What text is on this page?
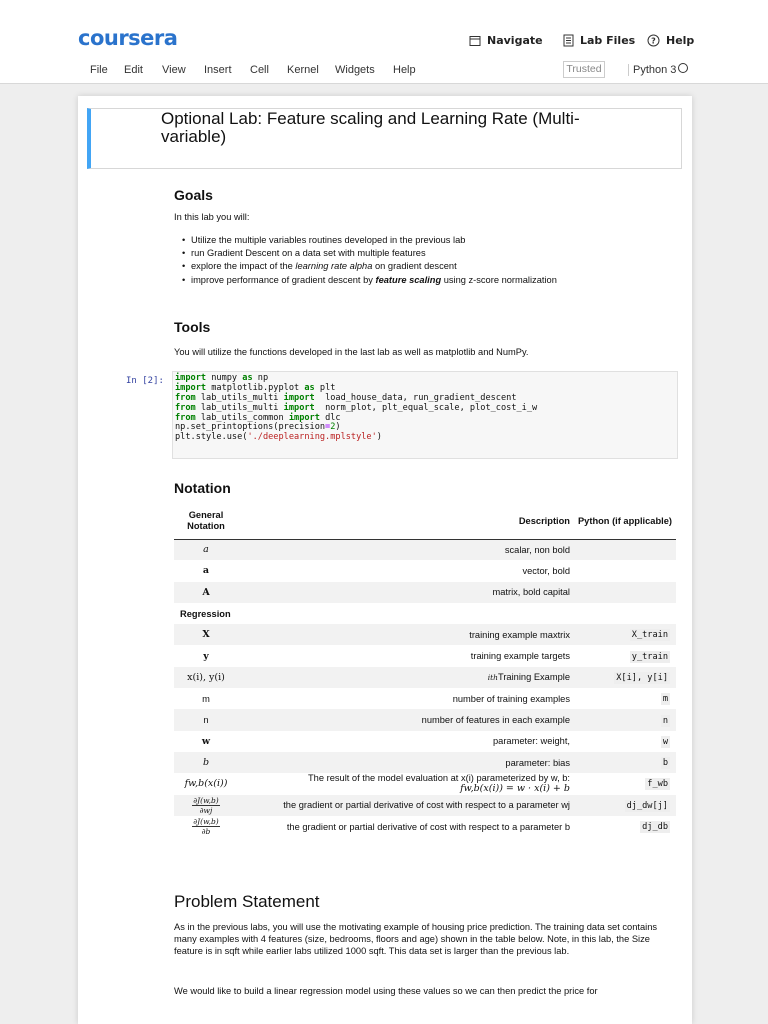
coursera	Navigate	Lab Files ? Help
File Edit View Insert Cell Kernel Widgets Help	Trusted	Python 3
Optional Lab: Feature scaling and Learning Rate (Multi-variable)
Goals
In this lab you will:
• Utilize the multiple variables routines developed in the previous lab
• run Gradient Descent on a data set with multiple features
• explore the impact of the learning rate alpha on gradient descent
• improve performance of gradient descent by feature scaling using z-score normalization
Tools
You will utilize the functions developed in the last lab as well as matplotlib and NumPy.
In [2]: import numpy as np
import matplotlib.pyplot as plt
from lab_utils_multi import  load_house_data, run_gradient_descent
from lab_utils_multi import  norm_plot, plt_equal_scale, plot_cost_i_w
from lab_utils_common import dlc
np.set_printoptions(precision=2)
plt.style.use('./deeplearning.mplstyle')
Notation
General Notation	Description	Python (if applicable)
a	scalar, non bold	
a	vector, bold	
A	matrix, bold capital	
Regression		
X	training example maxtrix	X_train
y	training example targets	y_train
x(i), y(i)	ithTraining Example	X[i], y[i]
m	number of training examples	m
n	number of features in each example	n
w	parameter: weight,	w
b	parameter: bias	b
fw,b(x(i))	The result of the model evaluation at x(i) parameterized by w, b:
fw,b(x(i)) = w · x(i) + b	f_wb

$\frac{\partial J(w,b)}{\partial wj}$	the gradient or partial derivative of cost with respect to a parameter wj	dj_dw[j]

$\frac{\partial J(w,b)}{\partial b}$	the gradient or partial derivative of cost with respect to a parameter b	dj_db
Problem Statement
As in the previous labs, you will use the motivating example of housing price prediction. The training data set contains many examples with 4 features (size, bedrooms, floors and age) shown in the table below. Note, in this lab, the Size feature is in sqft while earlier labs utilized 1000 sqft. This data set is larger than the previous lab.
We would like to build a linear regression model using these values so we can then predict the price for
